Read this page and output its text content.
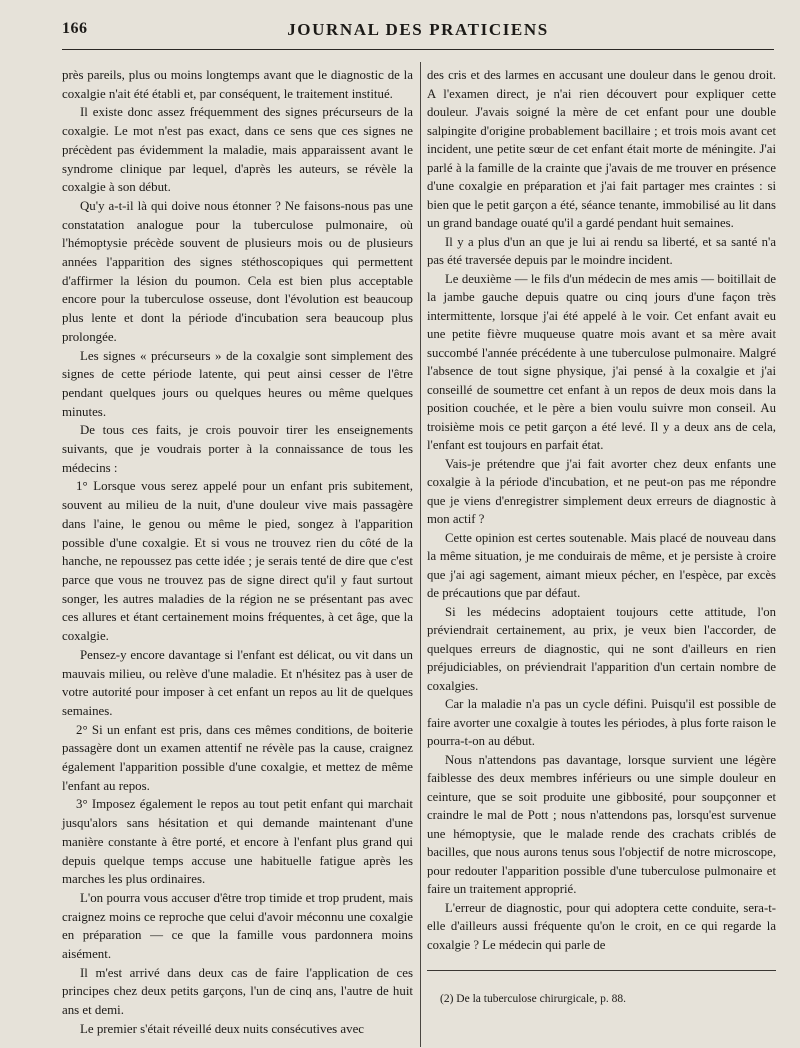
166	JOURNAL DES PRATICIENS

près pareils, plus ou moins longtemps avant que le diagnostic de la coxalgie n'ait été établi et, par conséquent, le traitement institué.

Il existe donc assez fréquemment des signes précurseurs de la coxalgie. Le mot n'est pas exact, dans ce sens que ces signes ne précèdent pas évidemment la maladie, mais apparaissent avant le syndrome clinique par lequel, d'après les auteurs, se révèle la coxalgie à son début.

Qu'y a-t-il là qui doive nous étonner ? Ne faisons-nous pas une constatation analogue pour la tuberculose pulmonaire, où l'hémoptysie précède souvent de plusieurs mois ou de plusieurs années l'apparition des signes stéthoscopiques qui permettent d'affirmer la lésion du poumon. Cela est bien plus acceptable encore pour la tuberculose osseuse, dont l'évolution est beaucoup plus lente et dont la période d'incubation sera beaucoup plus prolongée.

Les signes « précurseurs » de la coxalgie sont simplement des signes de cette période latente, qui peut ainsi cesser de l'être pendant quelques jours ou quelques heures ou même quelques minutes.

De tous ces faits, je crois pouvoir tirer les enseignements suivants, que je voudrais porter à la connaissance de tous les médecins :

1° Lorsque vous serez appelé pour un enfant pris subitement, souvent au milieu de la nuit, d'une douleur vive mais passagère dans l'aine, le genou ou même le pied, songez à l'apparition possible d'une coxalgie. Et si vous ne trouvez rien du côté de la hanche, ne repoussez pas cette idée ; je serais tenté de dire que c'est parce que vous ne trouvez pas de signe direct qu'il y faut surtout songer, les autres maladies de la région ne se présentant pas avec ces allures et étant certainement moins fréquentes, à cet âge, que la coxalgie.

Pensez-y encore davantage si l'enfant est délicat, ou vit dans un mauvais milieu, ou relève d'une maladie. Et n'hésitez pas à user de votre autorité pour imposer à cet enfant un repos au lit de quelques semaines.

2° Si un enfant est pris, dans ces mêmes conditions, de boiterie passagère dont un examen attentif ne révèle pas la cause, craignez également l'apparition possible d'une coxalgie, et mettez de même l'enfant au repos.

3° Imposez également le repos au tout petit enfant qui marchait jusqu'alors sans hésitation et qui demande maintenant d'une manière constante à être porté, et encore à l'enfant plus grand qui depuis quelque temps accuse une habituelle fatigue après les marches les plus ordinaires.

L'on pourra vous accuser d'être trop timide et trop prudent, mais craignez moins ce reproche que celui d'avoir méconnu une coxalgie en préparation — ce que la famille vous pardonnera moins aisément.

Il m'est arrivé dans deux cas de faire l'application de ces principes chez deux petits garçons, l'un de cinq ans, l'autre de huit ans et demi.

Le premier s'était réveillé deux nuits consécutives avec

des cris et des larmes en accusant une douleur dans le genou droit. A l'examen direct, je n'ai rien découvert pour expliquer cette douleur. J'avais soigné la mère de cet enfant pour une double salpingite d'origine probablement bacillaire ; et trois mois avant cet incident, une petite sœur de cet enfant était morte de méningite. J'ai parlé à la famille de la crainte que j'avais de me trouver en présence d'une coxalgie en préparation et j'ai fait partager mes craintes : si bien que le petit garçon a été, séance tenante, immobilisé au lit dans un grand bandage ouaté qu'il a gardé pendant huit semaines.

Il y a plus d'un an que je lui ai rendu sa liberté, et sa santé n'a pas été traversée depuis par le moindre incident.

Le deuxième — le fils d'un médecin de mes amis — boitillait de la jambe gauche depuis quatre ou cinq jours d'une façon très intermittente, lorsque j'ai été appelé à le voir. Cet enfant avait eu une petite fièvre muqueuse quatre mois avant et sa mère avait succombé l'année précédente à une tuberculose pulmonaire. Malgré l'absence de tout signe physique, j'ai pensé à la coxalgie et j'ai conseillé de soumettre cet enfant à un repos de deux mois dans la position couchée, et le père a bien voulu suivre mon conseil. Au troisième mois ce petit garçon a été levé. Il y a deux ans de cela, l'enfant est toujours en parfait état.

Vais-je prétendre que j'ai fait avorter chez deux enfants une coxalgie à la période d'incubation, et ne peut-on pas me répondre que je viens d'enregistrer simplement deux erreurs de diagnostic à mon actif ?

Cette opinion est certes soutenable. Mais placé de nouveau dans la même situation, je me conduirais de même, et je persiste à croire que j'ai agi sagement, aimant mieux pécher, en l'espèce, par excès de précautions que par défaut.

Si les médecins adoptaient toujours cette attitude, l'on préviendrait certainement, au prix, je veux bien l'accorder, de quelques erreurs de diagnostic, qui ne sont d'ailleurs en rien préjudiciables, on préviendrait l'apparition d'un certain nombre de coxalgies.

Car la maladie n'a pas un cycle défini. Puisqu'il est possible de faire avorter une coxalgie à toutes les périodes, à plus forte raison le pourra-t-on au début.

Nous n'attendons pas davantage, lorsque survient une légère faiblesse des deux membres inférieurs ou une simple douleur en ceinture, que se soit produite une gibbosité, pour soupçonner et craindre le mal de Pott ; nous n'attendons pas, lorsqu'est survenue une hémoptysie, que le malade rende des crachats criblés de bacilles, que nous aurons tenus sous l'objectif de notre microscope, pour redouter l'apparition possible d'une tuberculose pulmonaire et faire un traitement approprié.

L'erreur de diagnostic, pour qui adoptera cette conduite, sera-t-elle d'ailleurs aussi fréquente qu'on le croit, en ce qui regarde la coxalgie ? Le médecin qui parle de

(2) De la tuberculose chirurgicale, p. 88.
